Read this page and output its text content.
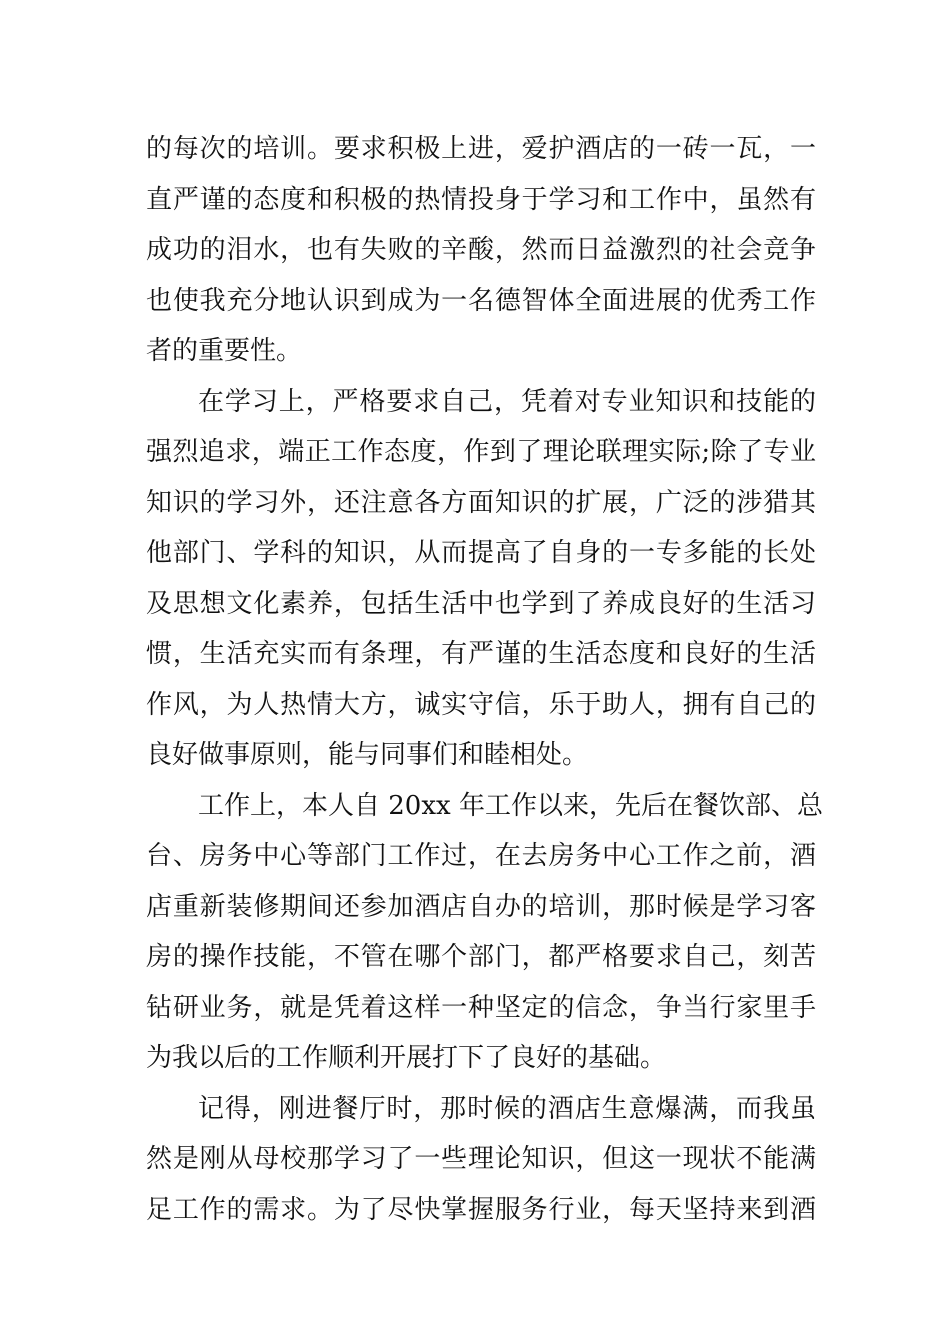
的每次的培训。要求积极上进，爱护酒店的一砖一瓦，一
直严谨的态度和积极的热情投身于学习和工作中，虽然有
成功的泪水，也有失败的辛酸，然而日益激烈的社会竞争
也使我充分地认识到成为一名德智体全面进展的优秀工作
者的重要性。
在学习上，严格要求自己，凭着对专业知识和技能的
强烈追求，端正工作态度，作到了理论联理实际;除了专业
知识的学习外，还注意各方面知识的扩展，广泛的涉猎其
他部门、学科的知识，从而提高了自身的一专多能的长处
及思想文化素养，包括生活中也学到了养成良好的生活习
惯，生活充实而有条理，有严谨的生活态度和良好的生活
作风，为人热情大方，诚实守信，乐于助人，拥有自己的
良好做事原则，能与同事们和睦相处。
工作上，本人自 20xx 年工作以来，先后在餐饮部、总
台、房务中心等部门工作过，在去房务中心工作之前，酒
店重新装修期间还参加酒店自办的培训，那时候是学习客
房的操作技能，不管在哪个部门，都严格要求自己，刻苦
钻研业务，就是凭着这样一种坚定的信念，争当行家里手
为我以后的工作顺利开展打下了良好的基础。
记得，刚进餐厅时，那时候的酒店生意爆满，而我虽
然是刚从母校那学习了一些理论知识，但这一现状不能满
足工作的需求。为了尽快掌握服务行业，每天坚持来到酒
